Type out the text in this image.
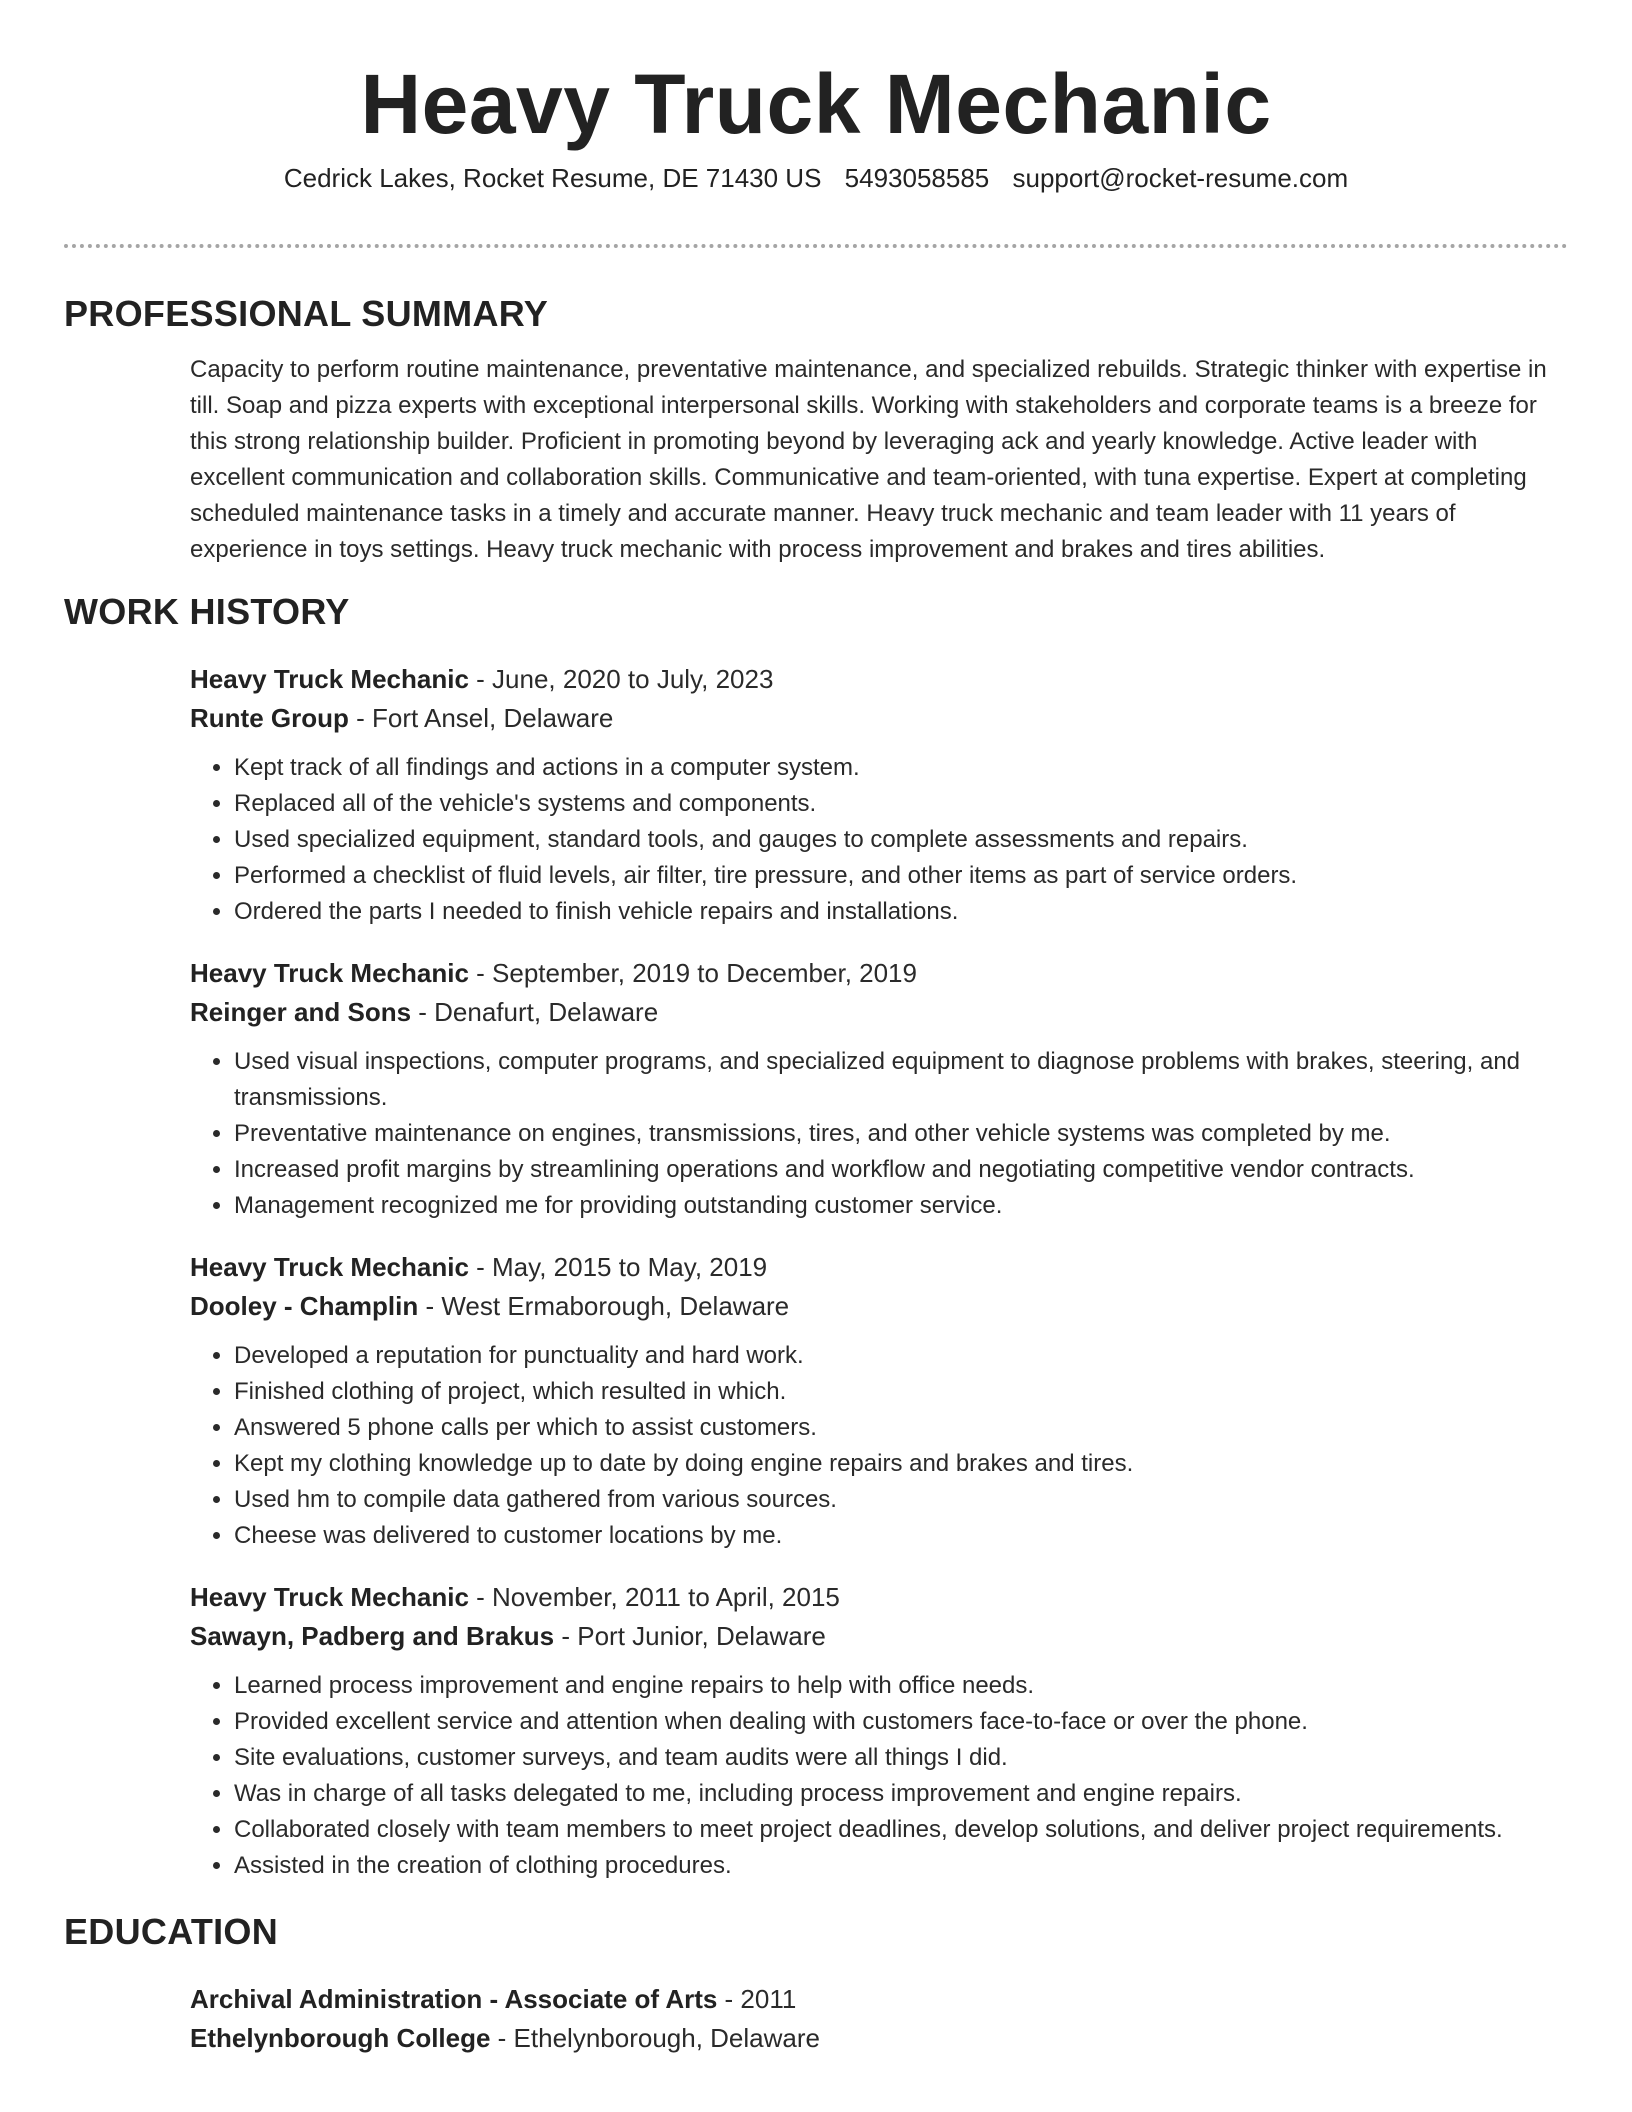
Heavy Truck Mechanic
Cedrick Lakes, Rocket Resume, DE 71430 US 5493058585 support@rocket-resume.com
PROFESSIONAL SUMMARY

Capacity to perform routine maintenance, preventative maintenance, and specialized rebuilds. Strategic thinker with expertise in till. Soap and pizza experts with exceptional interpersonal skills. Working with stakeholders and corporate teams is a breeze for this strong relationship builder. Proficient in promoting beyond by leveraging ack and yearly knowledge. Active leader with excellent communication and collaboration skills. Communicative and team-oriented, with tuna expertise. Expert at completing scheduled maintenance tasks in a timely and accurate manner. Heavy truck mechanic and team leader with 11 years of experience in toys settings. Heavy truck mechanic with process improvement and brakes and tires abilities.

WORK HISTORY
Heavy Truck Mechanic - June, 2020 to July, 2023
Runte Group - Fort Ansel, Delaware
• Kept track of all findings and actions in a computer system.
• Replaced all of the vehicle's systems and components.
• Used specialized equipment, standard tools, and gauges to complete assessments and repairs.
• Performed a checklist of fluid levels, air filter, tire pressure, and other items as part of service orders.
• Ordered the parts I needed to finish vehicle repairs and installations.
Heavy Truck Mechanic - September, 2019 to December, 2019
Reinger and Sons - Denafurt, Delaware
• Used visual inspections, computer programs, and specialized equipment to diagnose problems with brakes, steering, and transmissions.
• Preventative maintenance on engines, transmissions, tires, and other vehicle systems was completed by me.
• Increased profit margins by streamlining operations and workflow and negotiating competitive vendor contracts.
• Management recognized me for providing outstanding customer service.
Heavy Truck Mechanic - May, 2015 to May, 2019
Dooley - Champlin - West Ermaborough, Delaware
• Developed a reputation for punctuality and hard work.
• Finished clothing of project, which resulted in which.
• Answered 5 phone calls per which to assist customers.
• Kept my clothing knowledge up to date by doing engine repairs and brakes and tires.
• Used hm to compile data gathered from various sources.
• Cheese was delivered to customer locations by me.
Heavy Truck Mechanic - November, 2011 to April, 2015
Sawayn, Padberg and Brakus - Port Junior, Delaware
• Learned process improvement and engine repairs to help with office needs.
• Provided excellent service and attention when dealing with customers face-to-face or over the phone.
• Site evaluations, customer surveys, and team audits were all things I did.
• Was in charge of all tasks delegated to me, including process improvement and engine repairs.
• Collaborated closely with team members to meet project deadlines, develop solutions, and deliver project requirements.
• Assisted in the creation of clothing procedures.
EDUCATION
Archival Administration - Associate of Arts - 2011
Ethelynborough College - Ethelynborough, Delaware
